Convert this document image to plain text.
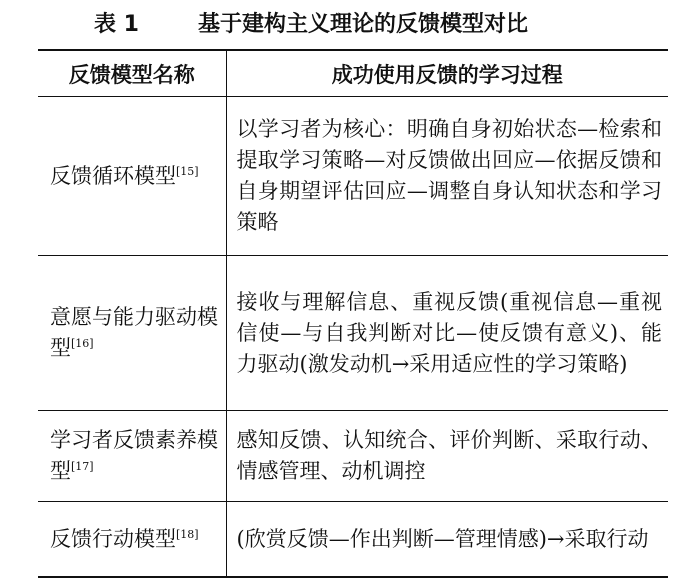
表 1	基于建构主义理论的反馈模型对比
反馈模型名称	成功使用反馈的学习过程
反馈循环模型[15]	以学习者为核心：明确自身初始状态—检索和提取学习策略—对反馈做出回应—依据反馈和自身期望评估回应—调整自身认知状态和学习策略
意愿与能力驱动模型[16]	接收与理解信息、重视反馈(重视信息—重视信使—与自我判断对比—使反馈有意义)、能力驱动(激发动机→采用适应性的学习策略)
学习者反馈素养模型[17]	感知反馈、认知统合、评价判断、采取行动、情感管理、动机调控
反馈行动模型[18]	(欣赏反馈—作出判断—管理情感)→采取行动
